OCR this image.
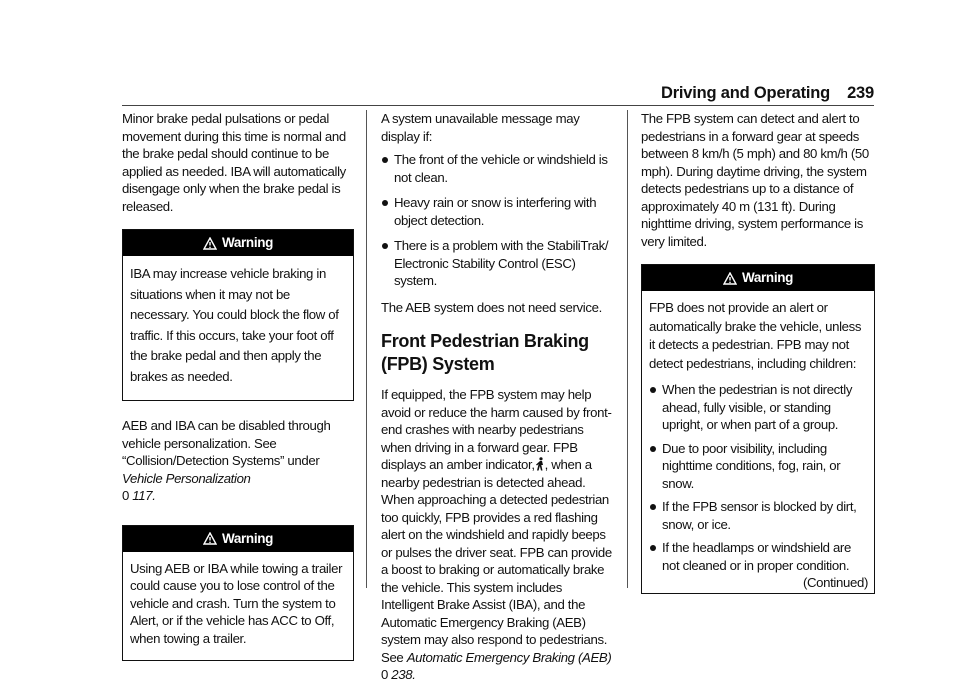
Driving and Operating 239

Minor brake pedal pulsations or pedal movement during this time is normal and the brake pedal should continue to be applied as needed. IBA will automatically disengage only when the brake pedal is released.

Warning

IBA may increase vehicle braking in situations when it may not be necessary. You could block the flow of traffic. If this occurs, take your foot off the brake pedal and then apply the brakes as needed.

AEB and IBA can be disabled through vehicle personalization. See “Collision/Detection Systems” under Vehicle Personalization
0 117.

Warning

Using AEB or IBA while towing a trailer could cause you to lose control of the vehicle and crash. Turn the system to Alert, or if the vehicle has ACC to Off, when towing a trailer.

A system unavailable message may display if:

The front of the vehicle or windshield is not clean.
Heavy rain or snow is interfering with object detection.
There is a problem with the StabiliTrak/ Electronic Stability Control (ESC) system.

The AEB system does not need service.

Front Pedestrian Braking (FPB) System

If equipped, the FPB system may help avoid or reduce the harm caused by front-end crashes with nearby pedestrians when driving in a forward gear. FPB displays an amber indicator, , when a nearby pedestrian is detected ahead. When approaching a detected pedestrian too quickly, FPB provides a red flashing alert on the windshield and rapidly beeps or pulses the driver seat. FPB can provide a boost to braking or automatically brake the vehicle. This system includes Intelligent Brake Assist (IBA), and the Automatic Emergency Braking (AEB) system may also respond to pedestrians. See Automatic Emergency Braking (AEB) 0 238.

The FPB system can detect and alert to pedestrians in a forward gear at speeds between 8 km/h (5 mph) and 80 km/h (50 mph). During daytime driving, the system detects pedestrians up to a distance of approximately 40 m (131 ft). During nighttime driving, system performance is very limited.

Warning

FPB does not provide an alert or automatically brake the vehicle, unless it detects a pedestrian. FPB may not detect pedestrians, including children:

When the pedestrian is not directly ahead, fully visible, or standing upright, or when part of a group.
Due to poor visibility, including nighttime conditions, fog, rain, or snow.
If the FPB sensor is blocked by dirt, snow, or ice.
If the headlamps or windshield are not cleaned or in proper condition.
(Continued)
